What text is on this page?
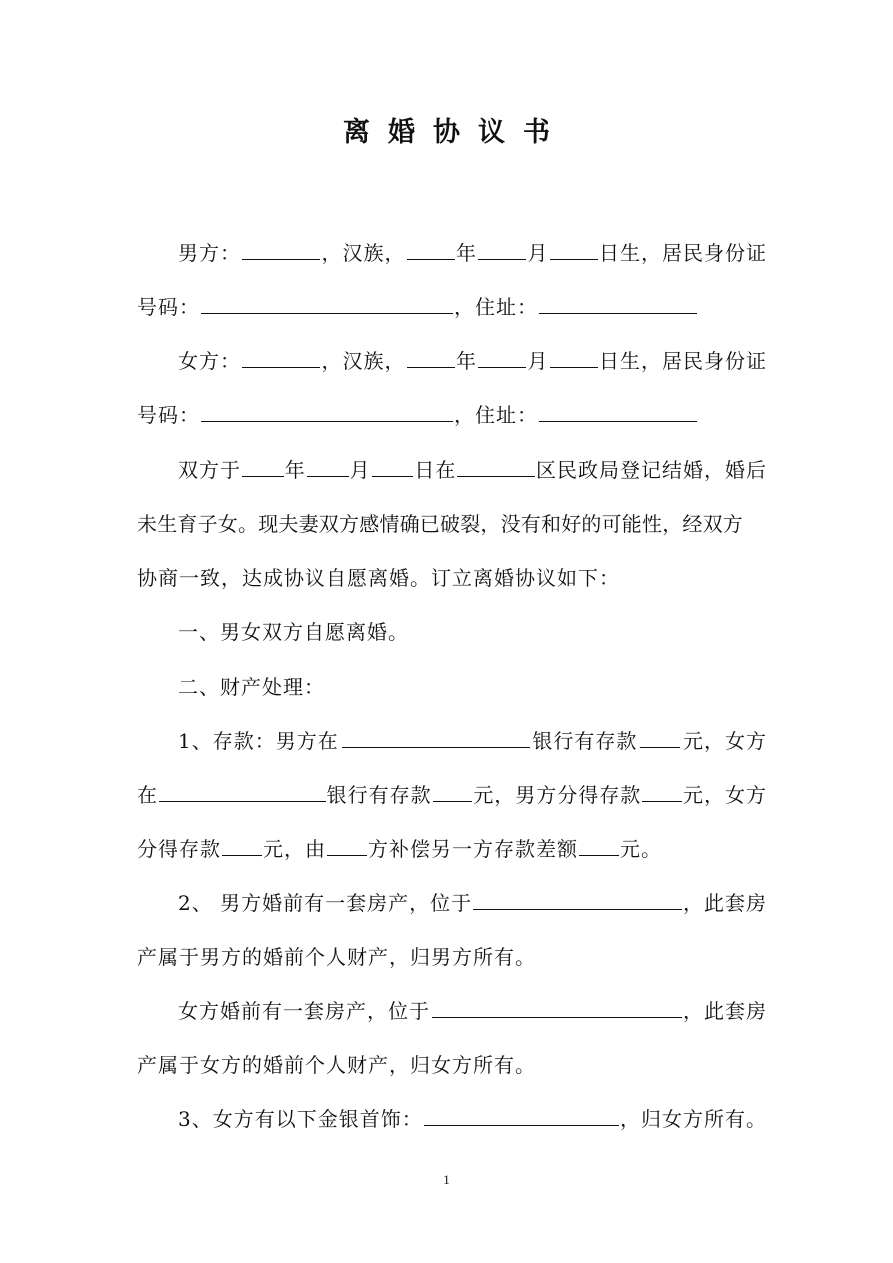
离婚协议书
男方：	，汉族，	年	月	日生，居民身份证
号码：	，住址：
女方：	，汉族，	年	月	日生，居民身份证
号码：	，住址：
双方于 年 月 日在	区民政局登记结婚，婚后
未生育子女。现夫妻双方感情确已破裂，没有和好的可能性，经双方
协商一致，达成协议自愿离婚。订立离婚协议如下：
一、男女双方自愿离婚。
二、财产处理：
1、存款：男方在	银行有存款 元，女方
在	银行有存款 元，男方分得存款 元，女方
分得存款 元，由 方补偿另一方存款差额 元。
2、 男方婚前有一套房产，位于	，此套房
产属于男方的婚前个人财产，归男方所有。
女方婚前有一套房产，位于	，此套房
产属于女方的婚前个人财产，归女方所有。
3、女方有以下金银首饰：	，归女方所有。
1
